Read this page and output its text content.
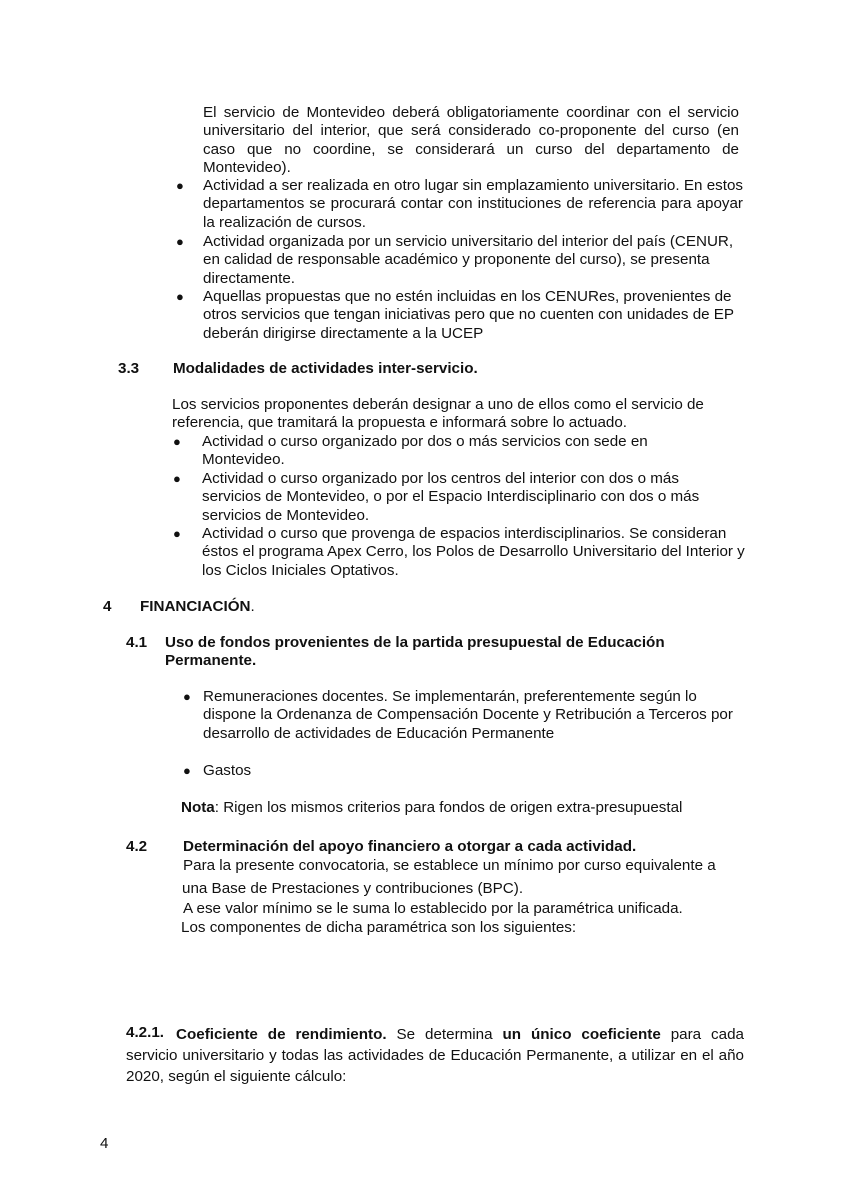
El servicio de Montevideo deberá obligatoriamente coordinar con el servicio universitario del interior, que será considerado co-proponente del curso (en caso que no coordine, se considerará un curso del departamento de Montevideo).
● Actividad a ser realizada en otro lugar sin emplazamiento universitario. En estos departamentos se procurará contar con instituciones de referencia para apoyar la realización de cursos.
● Actividad organizada por un servicio universitario del interior del país (CENUR, en calidad de responsable académico y proponente del curso), se presenta directamente.
● Aquellas propuestas que no estén incluidas en los CENURes, provenientes de otros servicios que tengan iniciativas pero que no cuenten con unidades de EP deberán dirigirse directamente a la UCEP
3.3 Modalidades de actividades inter-servicio.
Los servicios proponentes deberán designar a uno de ellos como el servicio de referencia, que tramitará la propuesta e informará sobre lo actuado.
● Actividad o curso organizado por dos o más servicios con sede en Montevideo.
● Actividad o curso organizado por los centros del interior con dos o más servicios de Montevideo, o por el Espacio Interdisciplinario con dos o más servicios de Montevideo.
● Actividad o curso que provenga de espacios interdisciplinarios. Se consideran éstos el programa Apex Cerro, los Polos de Desarrollo Universitario del Interior y los Ciclos Iniciales Optativos.
4 FINANCIACIÓN.
4.1 Uso de fondos provenientes de la partida presupuestal de Educación Permanente.
● Remuneraciones docentes. Se implementarán, preferentemente según lo dispone la Ordenanza de Compensación Docente y Retribución a Terceros por desarrollo de actividades de Educación Permanente
● Gastos
Nota: Rigen los mismos criterios para fondos de origen extra-presupuestal
4.2 Determinación del apoyo financiero a otorgar a cada actividad.
Para la presente convocatoria, se establece un mínimo por curso equivalente a
una Base de Prestaciones y contribuciones (BPC).
A ese valor mínimo se le suma lo establecido por la paramétrica unificada.
Los componentes de dicha paramétrica son los siguientes:
4.2.1. Coeficiente de rendimiento. Se determina un único coeficiente para cada servicio universitario y todas las actividades de Educación Permanente, a utilizar en el año 2020, según el siguiente cálculo:
4
